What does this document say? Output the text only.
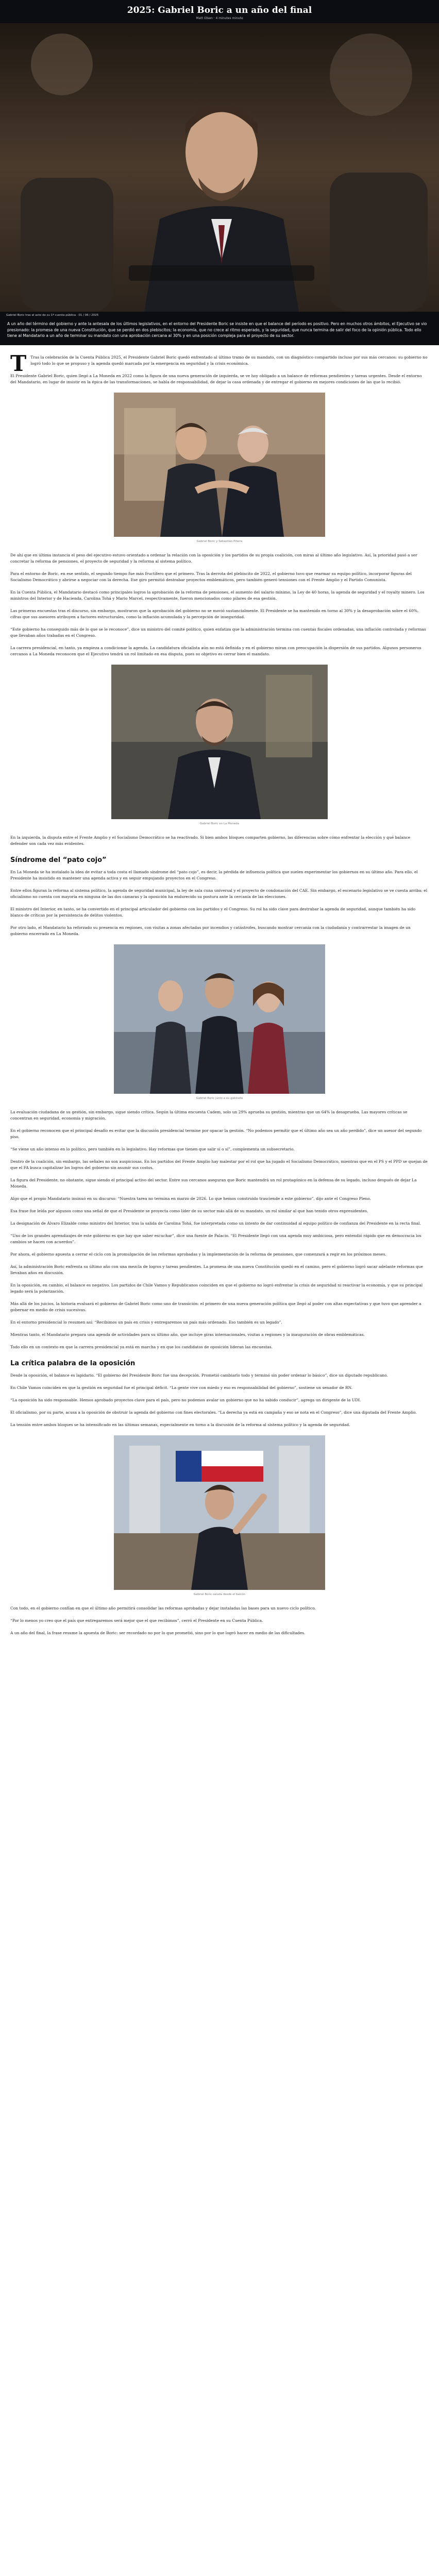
2025: Gabriel Boric a un año del final
Matt Olsen · 4 minutes minute
Gabriel Boric tras el acto de su 1ª cuenta pública · 01 / 06 / 2025

A un año del término del gobierno y ante la antesala de los últimos legislativos, en el entorno del Presidente Boric se insiste en que el balance del período es positivo. Pero en muchos otros ámbitos, el Ejecutivo se vio presionado: la promesa de una nueva Constitución, que se perdió en dos plebiscitos; la economía, que no crece al ritmo esperado, y la seguridad, que nunca termina de salir del foco de la opinión pública. Todo ello tiene al Mandatario a un año de terminar su mandato con una aprobación cercana al 30% y en una posición compleja para el proyecto de su sector.

T Tras la celebración de la Cuenta Pública 2025, el Presidente Gabriel Boric quedó enfrentado al último tramo de su mandato, con un diagnóstico compartido incluso por sus más cercanos: su gobierno no logró todo lo que se propuso y la agenda quedó marcada por la emergencia en seguridad y la crisis económica.

El Presidente Gabriel Boric, quien llegó a La Moneda en 2022 como la figura de una nueva generación de izquierda, se ve hoy obligado a un balance de reformas pendientes y tareas urgentes. Desde el entorno del Mandatario, en lugar de insistir en la épica de las transformaciones, se habla de responsabilidad, de dejar la casa ordenada y de entregar el gobierno en mejores condiciones de las que lo recibió.

Gabriel Boric y Sebastián Piñera

De ahí que en última instancia el peso del ejecutivo estuvo orientado a ordenar la relación con la oposición y los partidos de su propia coalición, con miras al último año legislativo. Así, la prioridad pasó a ser concretar la reforma de pensiones, el proyecto de seguridad y la reforma al sistema político.

Para el entorno de Boric, en ese sentido, el segundo tiempo fue más fructífero que el primero. Tras la derrota del plebiscito de 2022, el gobierno tuvo que rearmar su equipo político, incorporar figuras del Socialismo Democrático y abrirse a negociar con la derecha. Ese giro permitió destrabar proyectos emblemáticos, pero también generó tensiones con el Frente Amplio y el Partido Comunista.

En la Cuenta Pública, el Mandatario destacó como principales logros la aprobación de la reforma de pensiones, el aumento del salario mínimo, la Ley de 40 horas, la agenda de seguridad y el royalty minero. Los ministros del Interior y de Hacienda, Carolina Tohá y Mario Marcel, respectivamente, fueron mencionados como pilares de esa gestión.

Las primeras encuestas tras el discurso, sin embargo, mostraron que la aprobación del gobierno no se movió sustancialmente. El Presidente se ha mantenido en torno al 30% y la desaprobación sobre el 60%, cifras que sus asesores atribuyen a factores estructurales, como la inflación acumulada y la percepción de inseguridad.

“Este gobierno ha conseguido más de lo que se le reconoce”, dice un ministro del comité político, quien enfatiza que la administración termina con cuentas fiscales ordenadas, una inflación controlada y reformas que llevaban años trabadas en el Congreso.

La carrera presidencial, en tanto, ya empieza a condicionar la agenda. La candidatura oficialista aún no está definida y en el gobierno miran con preocupación la dispersión de sus partidos. Algunos personeros cercanos a La Moneda reconocen que el Ejecutivo tendrá un rol limitado en esa disputa, pues su objetivo es cerrar bien el mandato.

Gabriel Boric en La Moneda

En la izquierda, la disputa entre el Frente Amplio y el Socialismo Democrático se ha reactivado. Si bien ambos bloques comparten gobierno, las diferencias sobre cómo enfrentar la elección y qué balance defender son cada vez más evidentes.

Síndrome del “pato cojo”

En La Moneda se ha instalado la idea de evitar a toda costa el llamado síndrome del “pato cojo”, es decir, la pérdida de influencia política que suelen experimentar los gobiernos en su último año. Para ello, el Presidente ha insistido en mantener una agenda activa y en seguir empujando proyectos en el Congreso.

Entre ellos figuran la reforma al sistema político, la agenda de seguridad municipal, la ley de sala cuna universal y el proyecto de condonación del CAE. Sin embargo, el escenario legislativo se ve cuesta arriba: el oficialismo no cuenta con mayoría en ninguna de las dos cámaras y la oposición ha endurecido su postura ante la cercanía de las elecciones.

El ministro del Interior, en tanto, se ha convertido en el principal articulador del gobierno con los partidos y el Congreso. Su rol ha sido clave para destrabar la agenda de seguridad, aunque también ha sido blanco de críticas por la persistencia de delitos violentos.

Por otro lado, el Mandatario ha reforzado su presencia en regiones, con visitas a zonas afectadas por incendios y catástrofes, buscando mostrar cercanía con la ciudadanía y contrarrestar la imagen de un gobierno encerrado en La Moneda.

Gabriel Boric junto a su gabinete

La evaluación ciudadana de su gestión, sin embargo, sigue siendo crítica. Según la última encuesta Cadem, solo un 29% aprueba su gestión, mientras que un 64% la desaprueba. Las mayores críticas se concentran en seguridad, economía y migración.

En el gobierno reconocen que el principal desafío es evitar que la discusión presidencial termine por opacar la gestión. “No podemos permitir que el último año sea un año perdido”, dice un asesor del segundo piso.

“Se viene un año intenso en lo político, pero también en lo legislativo. Hay reformas que tienen que salir sí o sí”, complementa un subsecretario.

Dentro de la coalición, sin embargo, las señales no son auspiciosas. En los partidos del Frente Amplio hay malestar por el rol que ha jugado el Socialismo Democrático, mientras que en el PS y el PPD se quejan de que el FA busca capitalizar los logros del gobierno sin asumir sus costos.

La figura del Presidente, no obstante, sigue siendo el principal activo del sector. Entre sus cercanos aseguran que Boric mantendrá un rol protagónico en la defensa de su legado, incluso después de dejar La Moneda.

Algo que el propio Mandatario insinuó en su discurso: “Nuestra tarea no termina en marzo de 2026. Lo que hemos construido trasciende a este gobierno”, dijo ante el Congreso Pleno.

Esa frase fue leída por algunos como una señal de que el Presidente se proyecta como líder de su sector más allá de su mandato, un rol similar al que han tenido otros expresidentes.

La designación de Álvaro Elizalde como ministro del Interior, tras la salida de Carolina Tohá, fue interpretada como un intento de dar continuidad al equipo político de confianza del Presidente en la recta final.

“Uno de los grandes aprendizajes de este gobierno es que hay que saber escuchar”, dice una fuente de Palacio. “El Presidente llegó con una agenda muy ambiciosa, pero entendió rápido que en democracia los cambios se hacen con acuerdos”.

Por ahora, el gobierno apuesta a cerrar el ciclo con la promulgación de las reformas aprobadas y la implementación de la reforma de pensiones, que comenzará a regir en los próximos meses.

Así, la administración Boric enfrenta su último año con una mezcla de logros y tareas pendientes. La promesa de una nueva Constitución quedó en el camino, pero el gobierno logró sacar adelante reformas que llevaban años en discusión.

En la oposición, en cambio, el balance es negativo. Los partidos de Chile Vamos y Republicanos coinciden en que el gobierno no logró enfrentar la crisis de seguridad ni reactivar la economía, y que su principal legado será la polarización.

Más allá de los juicios, la historia evaluará el gobierno de Gabriel Boric como uno de transición: el primero de una nueva generación política que llegó al poder con altas expectativas y que tuvo que aprender a gobernar en medio de crisis sucesivas.

En el entorno presidencial lo resumen así: “Recibimos un país en crisis y entregaremos un país más ordenado. Eso también es un legado”.

Mientras tanto, el Mandatario prepara una agenda de actividades para su último año, que incluye giras internacionales, visitas a regiones y la inauguración de obras emblemáticas.

Todo ello en un contexto en que la carrera presidencial ya está en marcha y en que los candidatos de oposición lideran las encuestas.

La crítica palabra de la oposición

Desde la oposición, el balance es lapidario. “El gobierno del Presidente Boric fue una decepción. Prometió cambiarlo todo y terminó sin poder ordenar lo básico”, dice un diputado republicano.

En Chile Vamos coinciden en que la gestión en seguridad fue el principal déficit. “La gente vive con miedo y eso es responsabilidad del gobierno”, sostiene un senador de RN.

“La oposición ha sido responsable. Hemos aprobado proyectos clave para el país, pero no podemos avalar un gobierno que no ha sabido conducir”, agrega un dirigente de la UDI.

El oficialismo, por su parte, acusa a la oposición de obstruir la agenda del gobierno con fines electorales. “La derecha ya está en campaña y eso se nota en el Congreso”, dice una diputada del Frente Amplio.

La tensión entre ambos bloques se ha intensificado en las últimas semanas, especialmente en torno a la discusión de la reforma al sistema político y la agenda de seguridad.

Gabriel Boric saluda desde el balcón

Con todo, en el gobierno confían en que el último año permitirá consolidar las reformas aprobadas y dejar instaladas las bases para un nuevo ciclo político.

“Por lo menos yo creo que el país que entregaremos será mejor que el que recibimos”, cerró el Presidente en su Cuenta Pública.

A un año del final, la frase resume la apuesta de Boric: ser recordado no por lo que prometió, sino por lo que logró hacer en medio de las dificultades.
